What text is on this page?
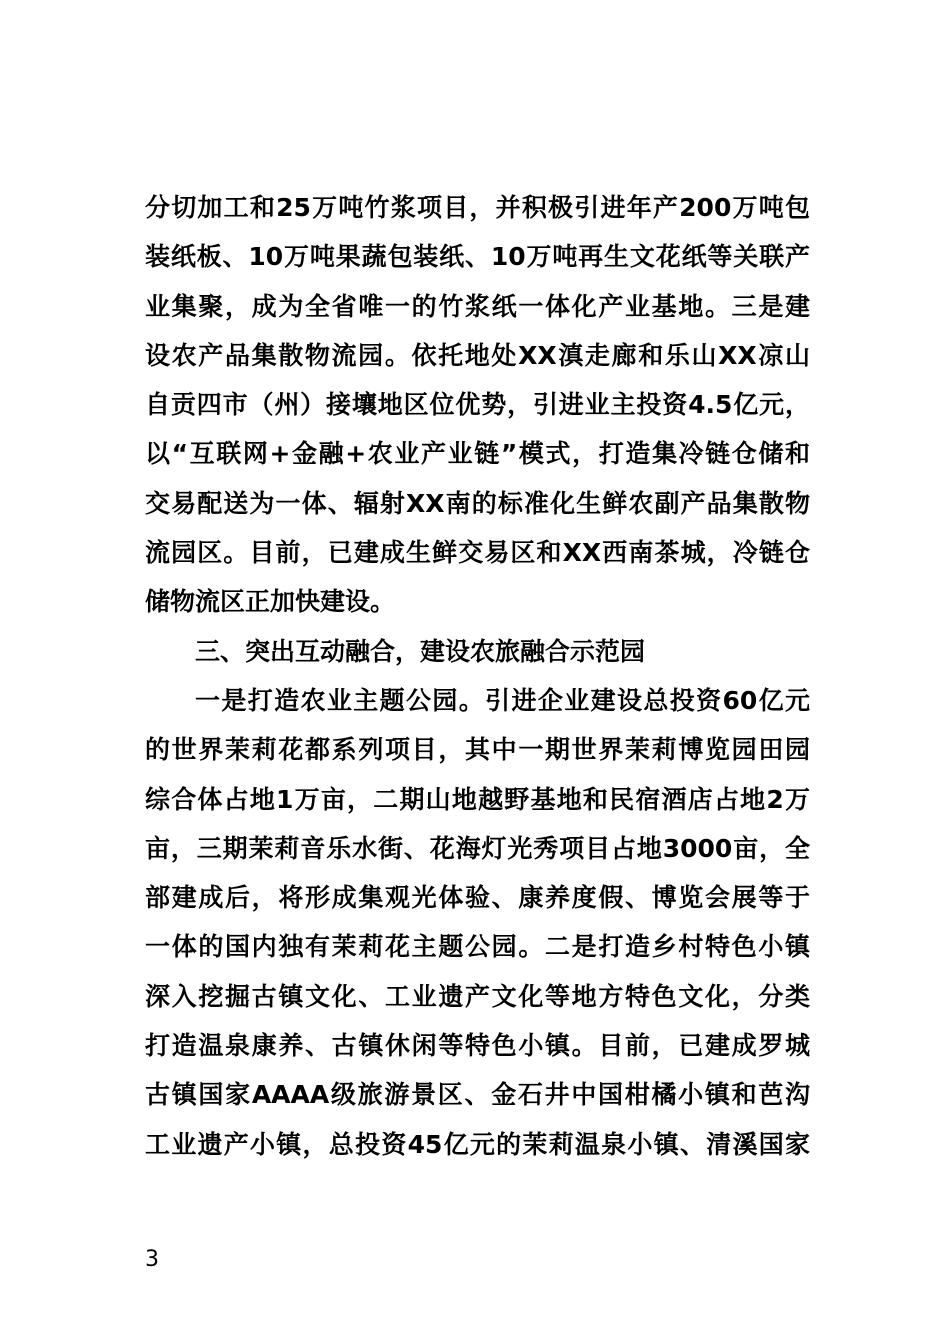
分切加工和25万吨竹浆项目，并积极引进年产200万吨包
装纸板、10万吨果蔬包装纸、10万吨再生文花纸等关联产
业集聚，成为全省唯一的竹浆纸一体化产业基地。三是建
设农产品集散物流园。依托地处XX滇走廊和乐山XX凉山
自贡四市（州）接壤地区位优势，引进业主投资4.5亿元，
以“互联网+金融+农业产业链”模式，打造集冷链仓储和
交易配送为一体、辐射XX南的标准化生鲜农副产品集散物
流园区。目前，已建成生鲜交易区和XX西南茶城，冷链仓
储物流区正加快建设。
三、突出互动融合，建设农旅融合示范园
一是打造农业主题公园。引进企业建设总投资60亿元
的世界茉莉花都系列项目，其中一期世界茉莉博览园田园
综合体占地1万亩，二期山地越野基地和民宿酒店占地2万
亩，三期茉莉音乐水街、花海灯光秀项目占地3000亩，全
部建成后，将形成集观光体验、康养度假、博览会展等于
一体的国内独有茉莉花主题公园。二是打造乡村特色小镇
深入挖掘古镇文化、工业遗产文化等地方特色文化，分类
打造温泉康养、古镇休闲等特色小镇。目前，已建成罗城
古镇国家AAAA级旅游景区、金石井中国柑橘小镇和芭沟
工业遗产小镇，总投资45亿元的茉莉温泉小镇、清溪国家
3
